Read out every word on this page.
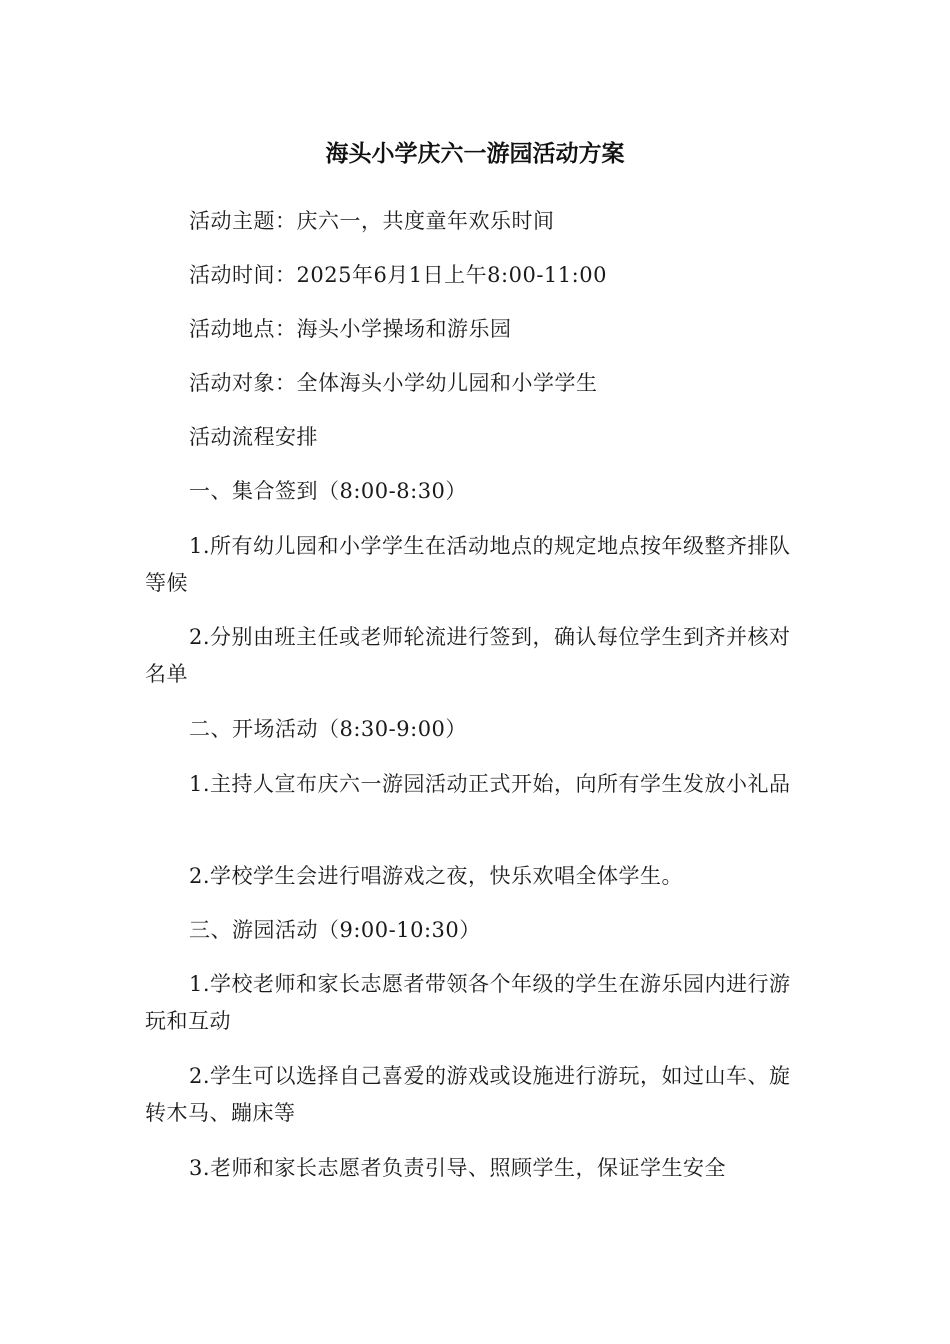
海头小学庆六一游园活动方案
活动主题：庆六一，共度童年欢乐时间
活动时间：2025年6月1日上午8:00-11:00
活动地点：海头小学操场和游乐园
活动对象：全体海头小学幼儿园和小学学生
活动流程安排
一、集合签到（8:00-8:30）
1.所有幼儿园和小学学生在活动地点的规定地点按年级整齐排队等候
2.分别由班主任或老师轮流进行签到，确认每位学生到齐并核对名单
二、开场活动（8:30-9:00）
1.主持人宣布庆六一游园活动正式开始，向所有学生发放小礼品
2.学校学生会进行唱游戏之夜，快乐欢唱全体学生。
三、游园活动（9:00-10:30）
1.学校老师和家长志愿者带领各个年级的学生在游乐园内进行游玩和互动
2.学生可以选择自己喜爱的游戏或设施进行游玩，如过山车、旋转木马、蹦床等
3.老师和家长志愿者负责引导、照顾学生，保证学生安全
